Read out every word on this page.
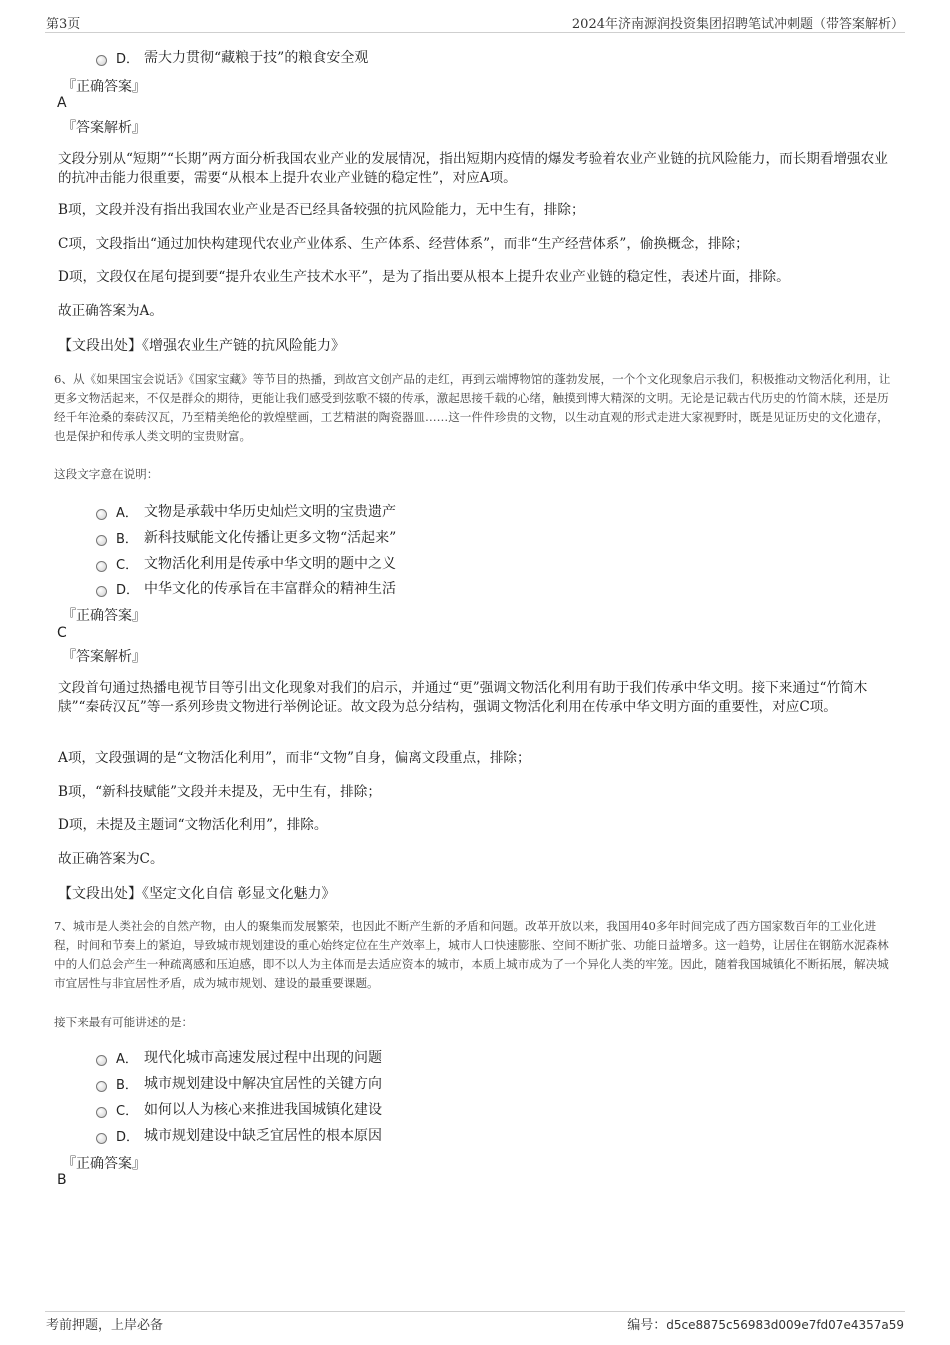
第3页	2024年济南源润投资集团招聘笔试冲刺题（带答案解析）
D． 需大力贯彻“藏粮于技”的粮食安全观
『正确答案』
A
『答案解析』
文段分别从“短期”“长期”两方面分析我国农业产业的发展情况，指出短期内疫情的爆发考验着农业产业链的抗风险能力，而长期看增强农业的抗冲击能力很重要，需要“从根本上提升农业产业链的稳定性”，对应A项。
B项，文段并没有指出我国农业产业是否已经具备较强的抗风险能力，无中生有，排除；
C项，文段指出“通过加快构建现代农业产业体系、生产体系、经营体系”，而非“生产经营体系”，偷换概念，排除；
D项，文段仅在尾句提到要“提升农业生产技术水平”，是为了指出要从根本上提升农业产业链的稳定性，表述片面，排除。
故正确答案为A。
【文段出处】《增强农业生产链的抗风险能力》
6、从《如果国宝会说话》《国家宝藏》等节目的热播，到故宫文创产品的走红，再到云端博物馆的蓬勃发展，一个个文化现象启示我们，积极推动文物活化利用，让更多文物活起来，不仅是群众的期待，更能让我们感受到弦歌不辍的传承，激起思接千载的心绪，触摸到博大精深的文明。无论是记载古代历史的竹简木牍，还是历经千年沧桑的秦砖汉瓦，乃至精美绝伦的敦煌壁画，工艺精湛的陶瓷器皿……这一件件珍贵的文物，以生动直观的形式走进大家视野时，既是见证历史的文化遗存，也是保护和传承人类文明的宝贵财富。
这段文字意在说明：
A． 文物是承载中华历史灿烂文明的宝贵遗产
B． 新科技赋能文化传播让更多文物“活起来”
C． 文物活化利用是传承中华文明的题中之义
D． 中华文化的传承旨在丰富群众的精神生活
『正确答案』
C
『答案解析』
文段首句通过热播电视节目等引出文化现象对我们的启示，并通过“更”强调文物活化利用有助于我们传承中华文明。接下来通过“竹简木牍”“秦砖汉瓦”等一系列珍贵文物进行举例论证。故文段为总分结构，强调文物活化利用在传承中华文明方面的重要性，对应C项。
A项，文段强调的是“文物活化利用”，而非“文物”自身，偏离文段重点，排除；
B项，“新科技赋能”文段并未提及，无中生有，排除；
D项，未提及主题词“文物活化利用”，排除。
故正确答案为C。
【文段出处】《坚定文化自信 彰显文化魅力》
7、城市是人类社会的自然产物，由人的聚集而发展繁荣，也因此不断产生新的矛盾和问题。改革开放以来，我国用40多年时间完成了西方国家数百年的工业化进程，时间和节奏上的紧迫，导致城市规划建设的重心始终定位在生产效率上，城市人口快速膨胀、空间不断扩张、功能日益增多。这一趋势，让居住在钢筋水泥森林中的人们总会产生一种疏离感和压迫感，即不以人为主体而是去适应资本的城市，本质上城市成为了一个异化人类的牢笼。因此，随着我国城镇化不断拓展，解决城市宜居性与非宜居性矛盾，成为城市规划、建设的最重要课题。
接下来最有可能讲述的是：
A． 现代化城市高速发展过程中出现的问题
B． 城市规划建设中解决宜居性的关键方向
C． 如何以人为核心来推进我国城镇化建设
D． 城市规划建设中缺乏宜居性的根本原因
『正确答案』
B
考前押题，上岸必备	编号：d5ce8875c56983d009e7fd07e4357a59
